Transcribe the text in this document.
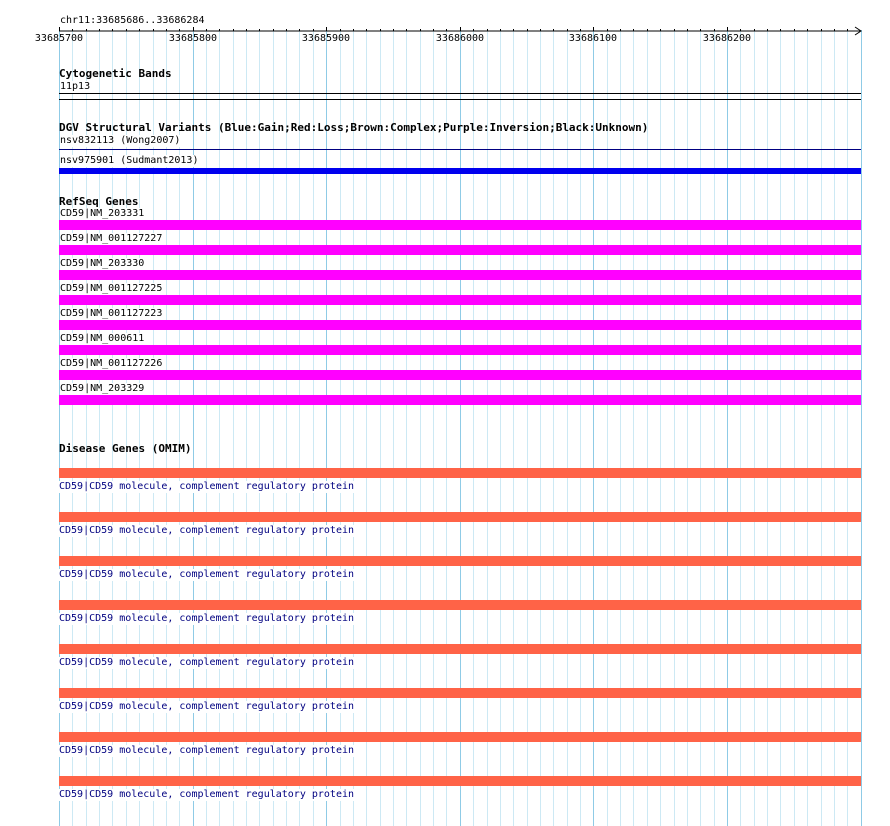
chr11:33685686..33686284
33685700	33685800	33685900	33686000	33686100	33686200
Cytogenetic Bands
11p13
DGV Structural Variants (Blue:Gain;Red:Loss;Brown:Complex;Purple:Inversion;Black:Unknown)
nsv832113 (Wong2007)
nsv975901 (Sudmant2013)
RefSeq Genes
CD59|NM_203331
CD59|NM_001127227
CD59|NM_203330
CD59|NM_001127225
CD59|NM_001127223
CD59|NM_000611
CD59|NM_001127226
CD59|NM_203329
Disease Genes (OMIM)
CD59|CD59 molecule, complement regulatory protein
CD59|CD59 molecule, complement regulatory protein
CD59|CD59 molecule, complement regulatory protein
CD59|CD59 molecule, complement regulatory protein
CD59|CD59 molecule, complement regulatory protein
CD59|CD59 molecule, complement regulatory protein
CD59|CD59 molecule, complement regulatory protein
CD59|CD59 molecule, complement regulatory protein
